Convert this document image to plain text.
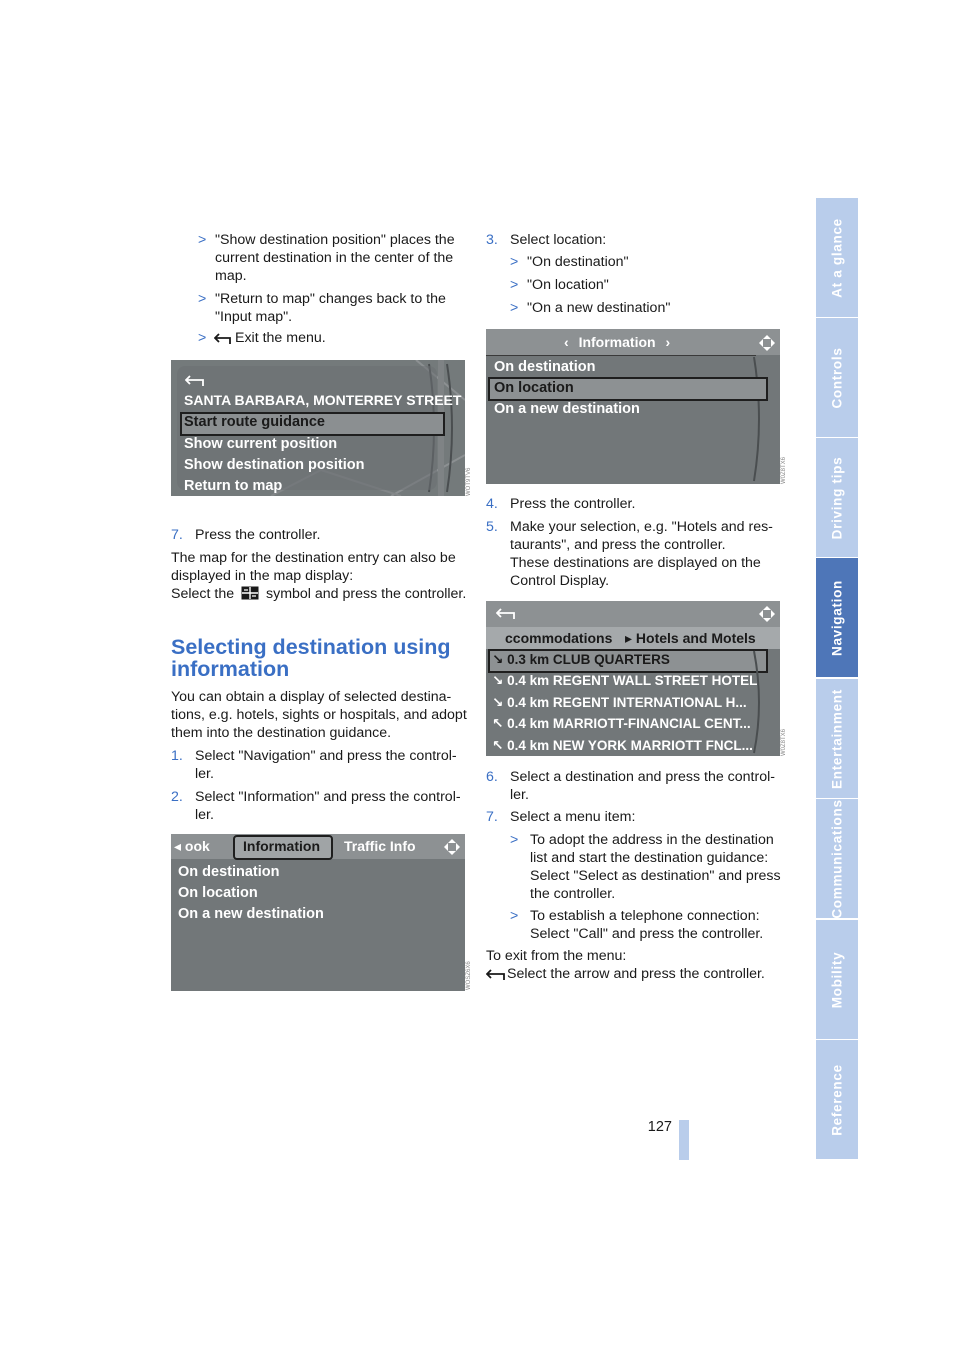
> "Show destination position" places the current destination in the center of the map.
> "Return to map" changes back to the "Input map".
> Exit the menu.
SANTA BARBARA, MONTERREY STREET
Start route guidance
Show current position
Show destination position
Return to map	WOT9TV6
7. Press the controller.
The map for the destination entry can also be
displayed in the map display:
Select the symbol and press the controller.
Selecting destination using
information
You can obtain a display of selected destina-
tions, e.g. hotels, sights or hospitals, and adopt
them into the destination guidance.
1. Select "Navigation" and press the control-
ler.
2. Select "Information" and press the control-
ler.
◂ ook Information Traffic Info
On destination
On location
On a new destination
WOSZ6X6
3. Select location:
> "On destination"
> "On location"
> "On a new destination"
‹ Information ›
On destination
On location
On a new destination
W0Z8TX6
4. Press the controller.
5. Make your selection, e.g. "Hotels and res-
taurants", and press the controller.
These destinations are displayed on the
Control Display.
ccommodations ▸ Hotels and Motels
↘ 0.3 km CLUB QUARTERS
↘ 0.4 km REGENT WALL STREET HOTEL
↘ 0.4 km REGENT INTERNATIONAL H...
↖ 0.4 km MARRIOTT-FINANCIAL CENT...
↖ 0.4 km NEW YORK MARRIOTT FNCL...	W0Z8TX6
6. Select a destination and press the control-
ler.
7. Select a menu item:
> To adopt the address in the destination
list and start the destination guidance:
Select "Select as destination" and press
the controller.
> To establish a telephone connection:
Select "Call" and press the controller.
To exit from the menu:
Select the arrow and press the controller.
At a glance
Controls
Driving tips
Navigation
Entertainment
Communications
Mobility
Reference
127
